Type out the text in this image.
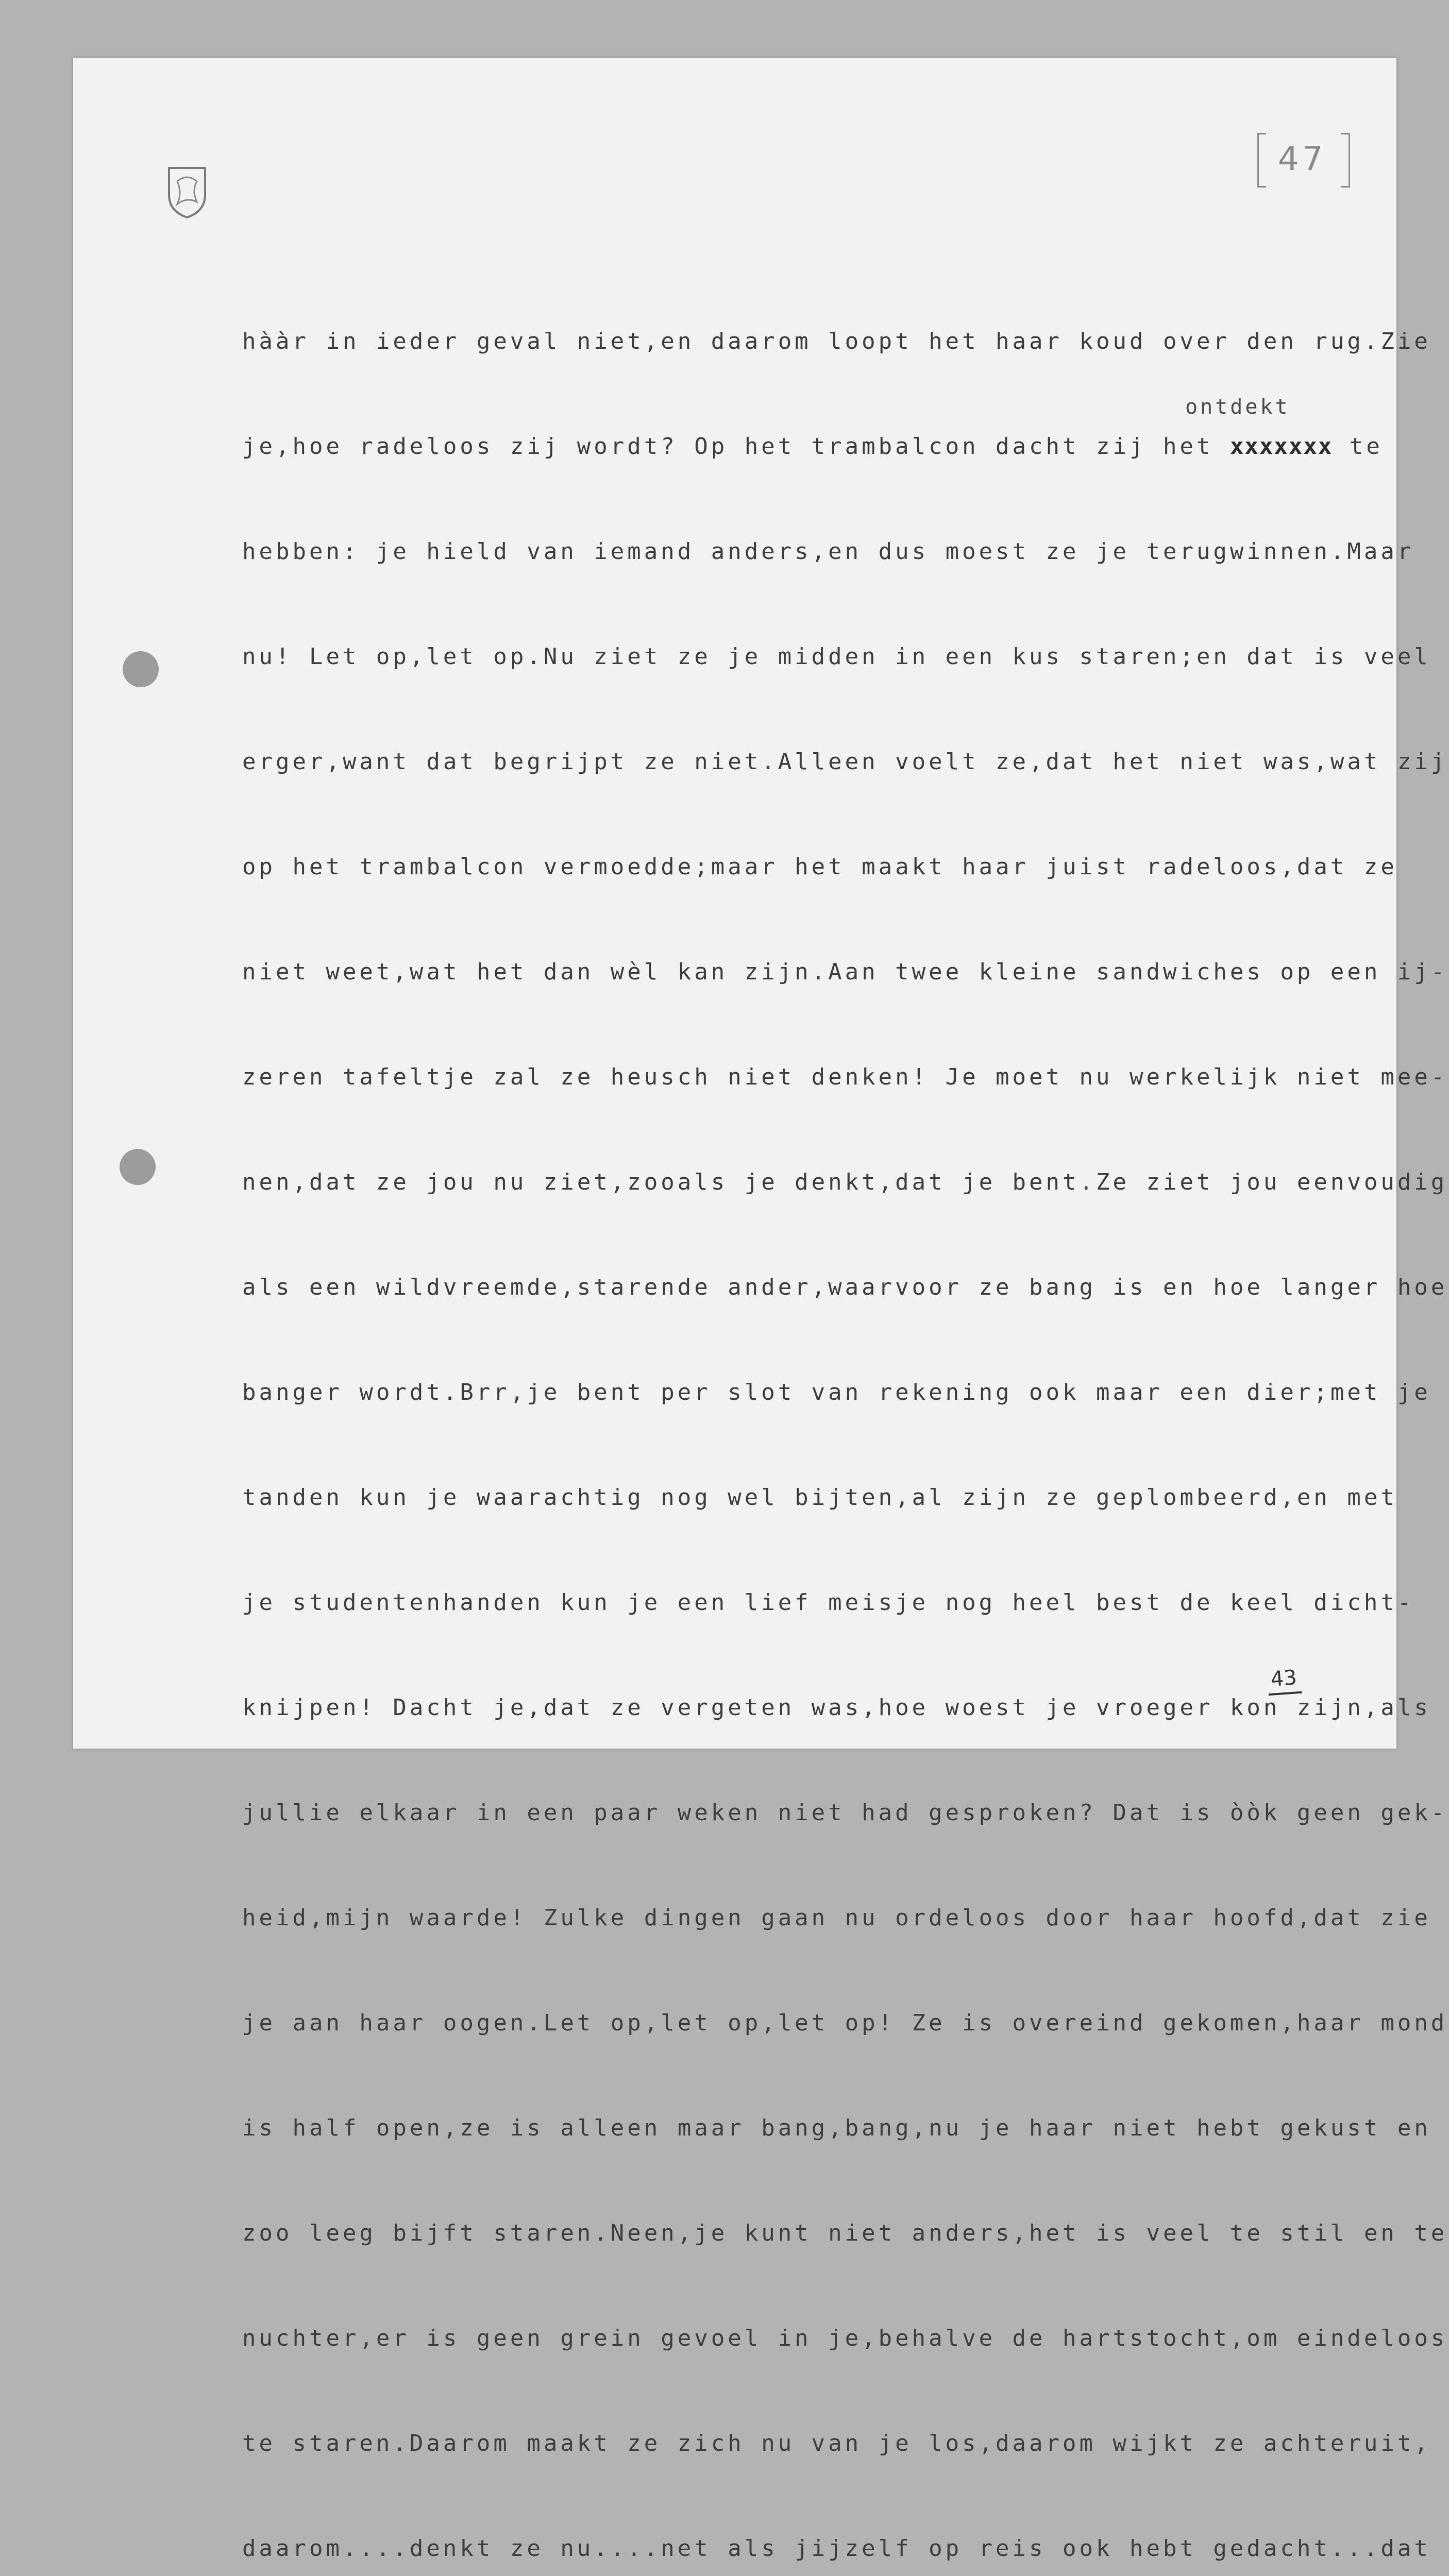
47

hààr in ieder geval niet,en daarom loopt het haar koud over den rug.Zie

je,hoe radeloos zij wordt? Op het trambalcon dacht zij het xxxxxxx te
ontdekt

hebben: je hield van iemand anders,en dus moest ze je terugwinnen.Maar

nu! Let op,let op.Nu ziet ze je midden in een kus staren;en dat is veel

erger,want dat begrijpt ze niet.Alleen voelt ze,dat het niet was,wat zij

op het trambalcon vermoedde;maar het maakt haar juist radeloos,dat ze

niet weet,wat het dan wèl kan zijn.Aan twee kleine sandwiches op een ij-

zeren tafeltje zal ze heusch niet denken! Je moet nu werkelijk niet mee-

nen,dat ze jou nu ziet,zooals je denkt,dat je bent.Ze ziet jou eenvoudig

als een wildvreemde,starende ander,waarvoor ze bang is en hoe langer hoe

banger wordt.Brr,je bent per slot van rekening ook maar een dier;met je

tanden kun je waarachtig nog wel bijten,al zijn ze geplombeerd,en met

je studentenhanden kun je een lief meisje nog heel best de keel dicht-

knijpen! Dacht je,dat ze vergeten was,hoe woest je vroeger kon zijn,als

jullie elkaar in een paar weken niet had gesproken? Dat is òòk geen gek-

heid,mijn waarde! Zulke dingen gaan nu ordeloos door haar hoofd,dat zie

je aan haar oogen.Let op,let op,let op! Ze is overeind gekomen,haar mond

is half open,ze is alleen maar bang,bang,nu je haar niet hebt gekust en

zoo leeg bijft staren.Neen,je kunt niet anders,het is veel te stil en te

nuchter,er is geen grein gevoel in je,behalve de hartstocht,om eindeloos

te staren.Daarom maakt ze zich nu van je los,daarom wijkt ze achteruit,

daarom....denkt ze nu....net als jijzelf op reis ook hebt gedacht...dat

43
